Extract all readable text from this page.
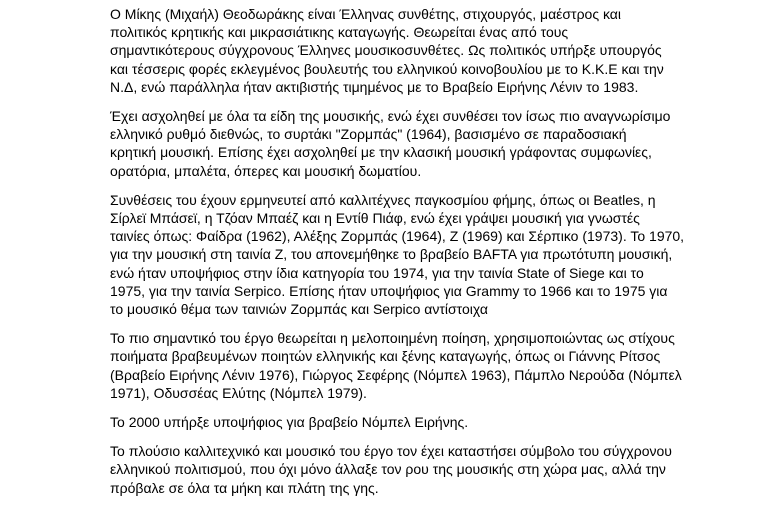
Ο Μίκης (Μιχαήλ) Θεοδωράκης είναι Έλληνας συνθέτης, στιχουργός, μαέστρος και
πολιτικός κρητικής και μικρασιάτικης καταγωγής. Θεωρείται ένας από τους
σημαντικότερους σύγχρονους Έλληνες μουσικοσυνθέτες. Ως πολιτικός υπήρξε υπουργός
και τέσσερις φορές εκλεγμένος βουλευτής του ελληνικού κοινοβουλίου με το Κ.Κ.Ε και την
Ν.Δ, ενώ παράλληλα ήταν ακτιβιστής τιμημένος με το Βραβείο Ειρήνης Λένιν το 1983.

Έχει ασχοληθεί με όλα τα είδη της μουσικής, ενώ έχει συνθέσει τον ίσως πιο αναγνωρίσιμο
ελληνικό ρυθμό διεθνώς, το συρτάκι "Ζορμπάς" (1964), βασισμένο σε παραδοσιακή
κρητική μουσική. Επίσης έχει ασχοληθεί με την κλασική μουσική γράφοντας συμφωνίες,
ορατόρια, μπαλέτα, όπερες και μουσική δωματίου.

Συνθέσεις του έχουν ερμηνευτεί από καλλιτέχνες παγκοσμίου φήμης, όπως οι Beatles, η
Σίρλεϊ Μπάσεϊ, η Τζόαν Μπαέζ και η Εντίθ Πιάφ, ενώ έχει γράψει μουσική για γνωστές
ταινίες όπως: Φαίδρα (1962), Αλέξης Ζορμπάς (1964), Ζ (1969) και Σέρπικο (1973). Το 1970,
για την μουσική στη ταινία Ζ, του απονεμήθηκε το βραβείο BAFTA για πρωτότυπη μουσική,
ενώ ήταν υποψήφιος στην ίδια κατηγορία του 1974, για την ταινία State of Siege και το
1975, για την ταινία Serpico. Επίσης ήταν υποψήφιος για Grammy το 1966 και το 1975 για
το μουσικό θέμα των ταινιών Ζορμπάς και Serpico αντίστοιχα

Το πιο σημαντικό του έργο θεωρείται η μελοποιημένη ποίηση, χρησιμοποιώντας ως στίχους
ποιήματα βραβευμένων ποιητών ελληνικής και ξένης καταγωγής, όπως οι Γιάννης Ρίτσος
(Βραβείο Ειρήνης Λένιν 1976), Γιώργος Σεφέρης (Νόμπελ 1963), Πάμπλο Νερούδα (Νόμπελ
1971), Οδυσσέας Ελύτης (Νόμπελ 1979).

Το 2000 υπήρξε υποψήφιος για βραβείο Νόμπελ Ειρήνης.

Το πλούσιο καλλιτεχνικό και μουσικό του έργο τον έχει καταστήσει σύμβολο του σύγχρονου
ελληνικού πολιτισμού, που όχι μόνο άλλαξε τον ρου της μουσικής στη χώρα μας, αλλά την
πρόβαλε σε όλα τα μήκη και πλάτη της γης.
